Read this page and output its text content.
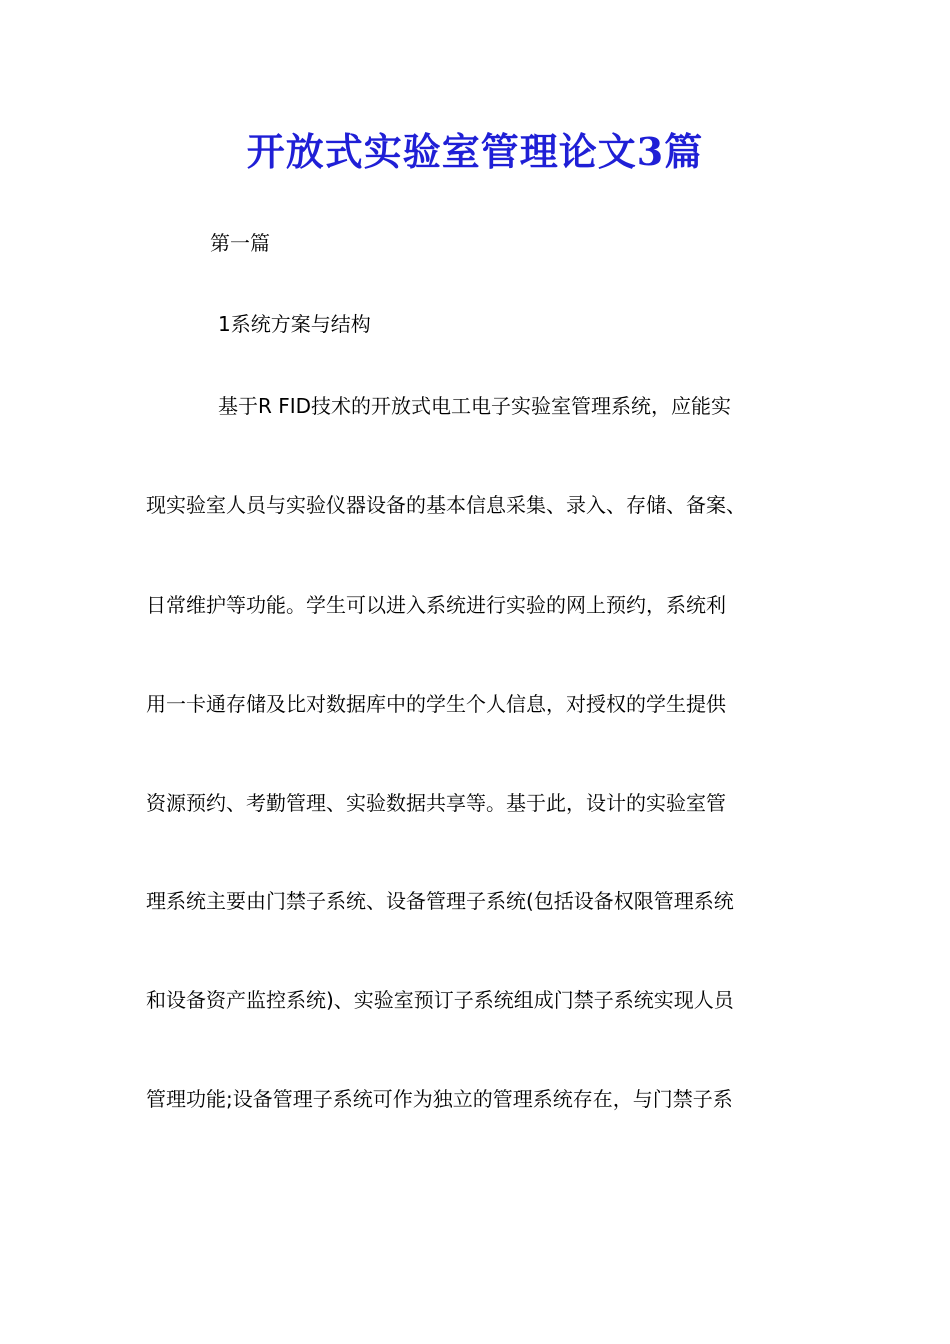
开放式实验室管理论文3篇

第一篇

1系统方案与结构

基于R FID技术的开放式电工电子实验室管理系统，应能实

现实验室人员与实验仪器设备的基本信息采集、录入、存储、备案、

日常维护等功能。学生可以进入系统进行实验的网上预约，系统利

用一卡通存储及比对数据库中的学生个人信息，对授权的学生提供

资源预约、考勤管理、实验数据共享等。基于此，设计的实验室管

理系统主要由门禁子系统、设备管理子系统(包括设备权限管理系统

和设备资产监控系统)、实验室预订子系统组成门禁子系统实现人员

管理功能;设备管理子系统可作为独立的管理系统存在，与门禁子系
